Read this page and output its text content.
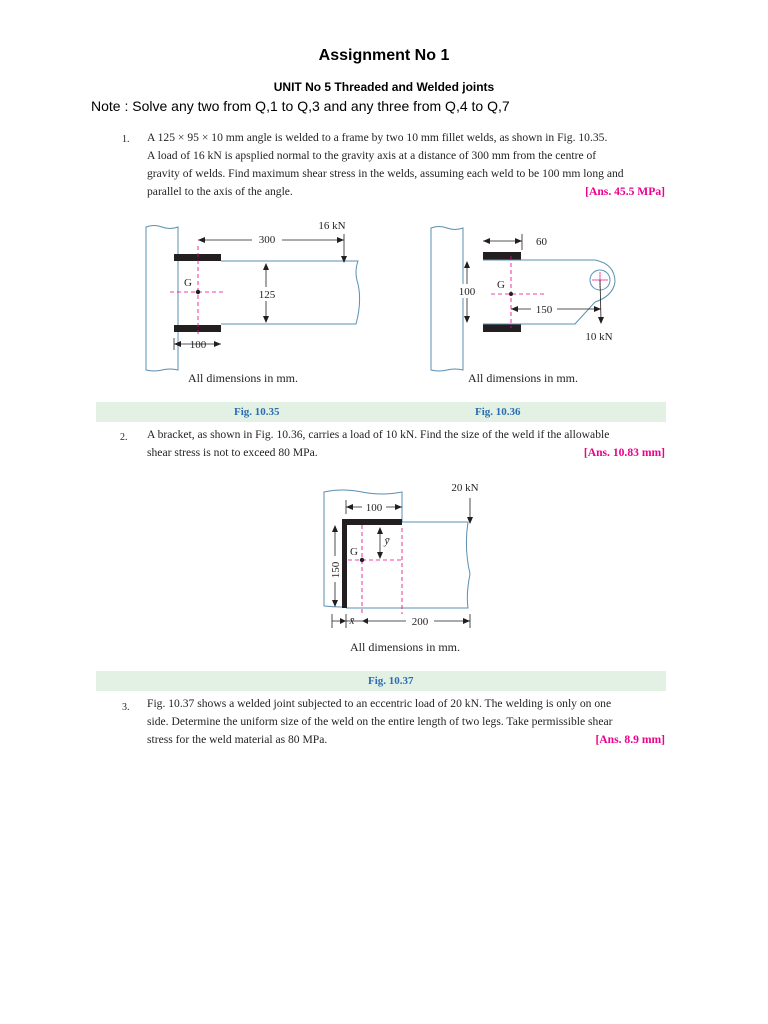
Assignment No 1
UNIT No 5 Threaded and Welded joints
Note : Solve any two from Q,1 to Q,3 and any three from Q,4 to Q,7
1. A 125 × 95 × 10 mm angle is welded to a frame by two 10 mm fillet welds, as shown in Fig. 10.35.
A load of 16 kN is apsplied normal to the gravity axis at a distance of 300 mm from the centre of
gravity of welds. Find maximum shear stress in the welds, assuming each weld to be 100 mm long and
parallel to the axis of the angle.	[Ans. 45.5 MPa]
300
16 kN
125
100
G
All dimensions in mm.
60
100
150
10 kN
G
All dimensions in mm.
Fig. 10.35	Fig. 10.36
2. A bracket, as shown in Fig. 10.36, carries a load of 10 kN. Find the size of the weld if the allowable
shear stress is not to exceed 80 MPa.	[Ans. 10.83 mm]
100
150
200
x̄
ȳ
G
20 kN
All dimensions in mm.
Fig. 10.37
3. Fig. 10.37 shows a welded joint subjected to an eccentric load of 20 kN. The welding is only on one
side. Determine the uniform size of the weld on the entire length of two legs. Take permissible shear
stress for the weld material as 80 MPa.	[Ans. 8.9 mm]
